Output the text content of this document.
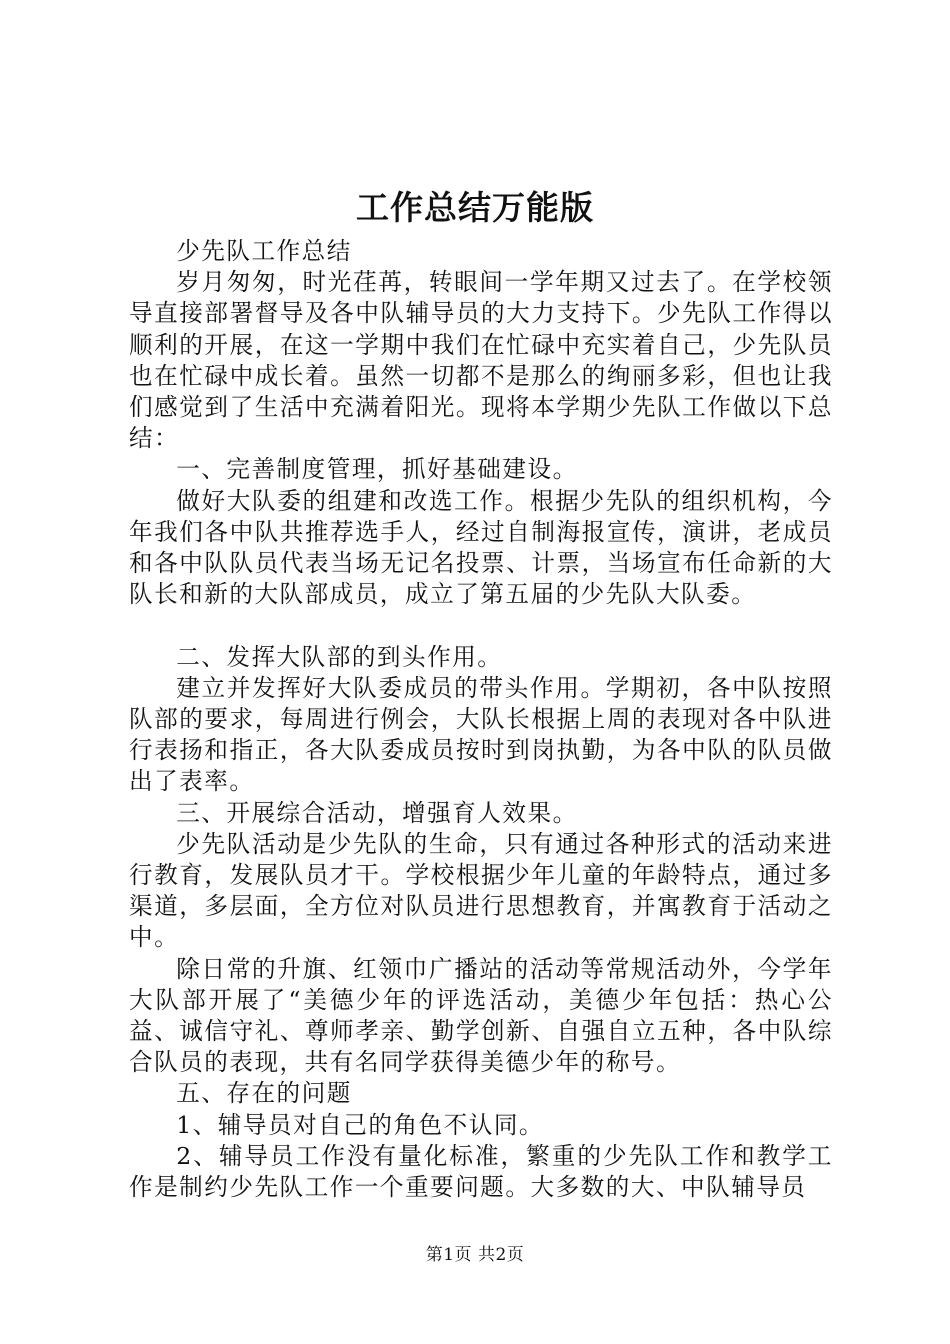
工作总结万能版

少先队工作总结

岁月匆匆，时光荏苒，转眼间一学年期又过去了。在学校领导直接部署督导及各中队辅导员的大力支持下。少先队工作得以顺利的开展，在这一学期中我们在忙碌中充实着自己，少先队员也在忙碌中成长着。虽然一切都不是那么的绚丽多彩，但也让我们感觉到了生活中充满着阳光。现将本学期少先队工作做以下总结：

一、完善制度管理，抓好基础建设。

做好大队委的组建和改选工作。根据少先队的组织机构，今年我们各中队共推荐选手人，经过自制海报宣传，演讲，老成员和各中队队员代表当场无记名投票、计票，当场宣布任命新的大队长和新的大队部成员，成立了第五届的少先队大队委。

二、发挥大队部的到头作用。

建立并发挥好大队委成员的带头作用。学期初，各中队按照队部的要求，每周进行例会，大队长根据上周的表现对各中队进行表扬和指正，各大队委成员按时到岗执勤，为各中队的队员做出了表率。

三、开展综合活动，增强育人效果。

少先队活动是少先队的生命，只有通过各种形式的活动来进行教育，发展队员才干。学校根据少年儿童的年龄特点，通过多渠道，多层面，全方位对队员进行思想教育，并寓教育于活动之中。

除日常的升旗、红领巾广播站的活动等常规活动外，今学年大队部开展了“美德少年的评选活动，美德少年包括：热心公益、诚信守礼、尊师孝亲、勤学创新、自强自立五种，各中队综合队员的表现，共有名同学获得美德少年的称号。

五、存在的问题

1、辅导员对自己的角色不认同。

2、辅导员工作没有量化标准，繁重的少先队工作和教学工作是制约少先队工作一个重要问题。大多数的大、中队辅导员

第1页 共2页
